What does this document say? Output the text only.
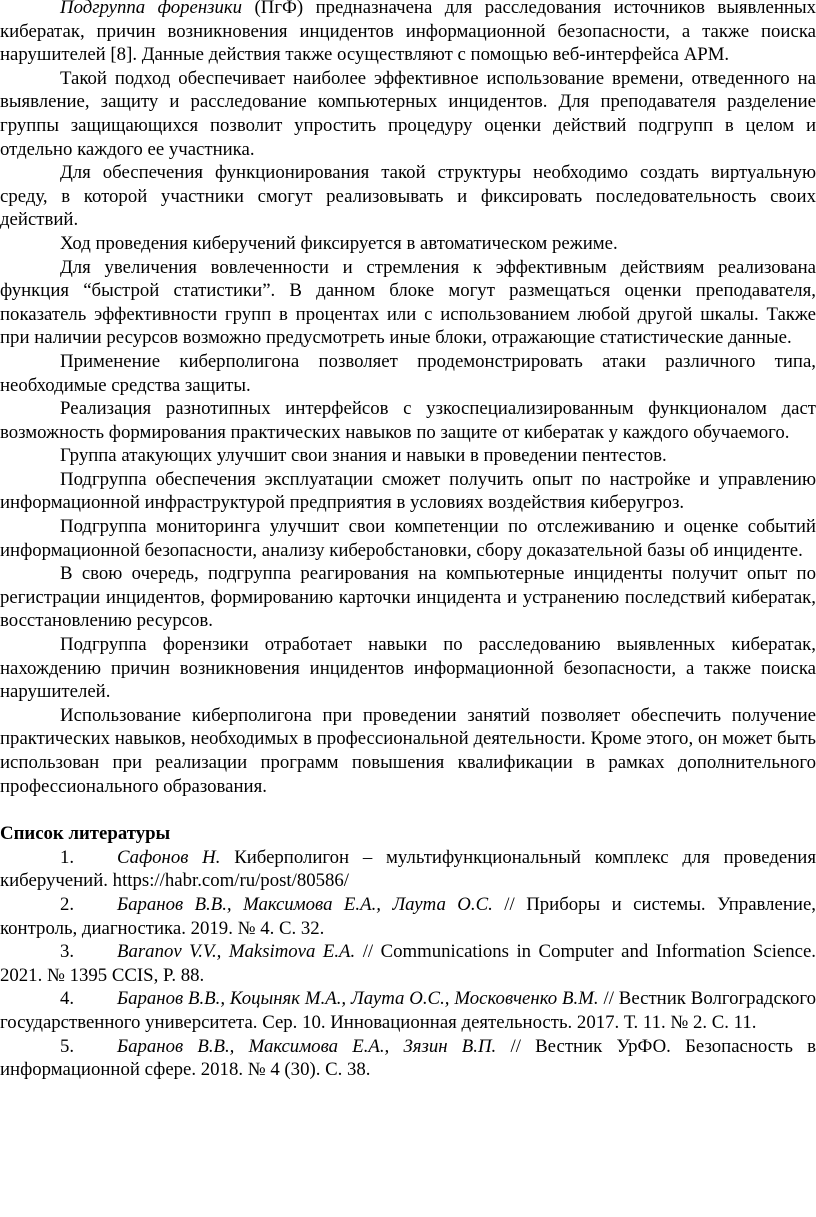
Подгруппа форензики (ПгФ) предназначена для расследования источников выявленных кибератак, причин возникновения инцидентов информационной безопасности, а также поиска нарушителей [8]. Данные действия также осуществляют с помощью веб-интерфейса АРМ.

Такой подход обеспечивает наиболее эффективное использование времени, отведенного на выявление, защиту и расследование компьютерных инцидентов. Для преподавателя разделение группы защищающихся позволит упростить процедуру оценки действий подгрупп в целом и отдельно каждого ее участника.

Для обеспечения функционирования такой структуры необходимо создать виртуальную среду, в которой участники смогут реализовывать и фиксировать последовательность своих действий.

Ход проведения киберучений фиксируется в автоматическом режиме.

Для увеличения вовлеченности и стремления к эффективным действиям реализована функция “быстрой статистики”. В данном блоке могут размещаться оценки преподавателя, показатель эффективности групп в процентах или с использованием любой другой шкалы. Также при наличии ресурсов возможно предусмотреть иные блоки, отражающие статистические данные.

Применение киберполигона позволяет продемонстрировать атаки различного типа, необходимые средства защиты.

Реализация разнотипных интерфейсов с узкоспециализированным функционалом даст возможность формирования практических навыков по защите от кибератак у каждого обучаемого.

Группа атакующих улучшит свои знания и навыки в проведении пентестов.

Подгруппа обеспечения эксплуатации сможет получить опыт по настройке и управлению информационной инфраструктурой предприятия в условиях воздействия киберугроз.

Подгруппа мониторинга улучшит свои компетенции по отслеживанию и оценке событий информационной безопасности, анализу киберобстановки, сбору доказательной базы об инциденте.

В свою очередь, подгруппа реагирования на компьютерные инциденты получит опыт по регистрации инцидентов, формированию карточки инцидента и устранению последствий кибератак, восстановлению ресурсов.

Подгруппа форензики отработает навыки по расследованию выявленных кибератак, нахождению причин возникновения инцидентов информационной безопасности, а также поиска нарушителей.

Использование киберполигона при проведении занятий позволяет обеспечить получение практических навыков, необходимых в профессиональной деятельности. Кроме этого, он может быть использован при реализации программ повышения квалификации в рамках дополнительного профессионального образования.

Список литературы

1. Сафонов Н. Киберполигон – мультифункциональный комплекс для проведения киберучений. https://habr.com/ru/post/80586/

2. Баранов В.В., Максимова Е.А., Лаута О.С. // Приборы и системы. Управление, контроль, диагностика. 2019. № 4. С. 32.

3. Baranov V.V., Maksimova E.A. // Communications in Computer and Information Science. 2021. № 1395 CCIS, P. 88.

4. Баранов В.В., Коцыняк М.А., Лаута О.С., Московченко В.М. // Вестник Волгоградского государственного университета. Сер. 10. Инновационная деятельность. 2017. Т. 11. № 2. С. 11.

5. Баранов В.В., Максимова Е.А., Зязин В.П. // Вестник УрФО. Безопасность в информационной сфере. 2018. № 4 (30). С. 38.
